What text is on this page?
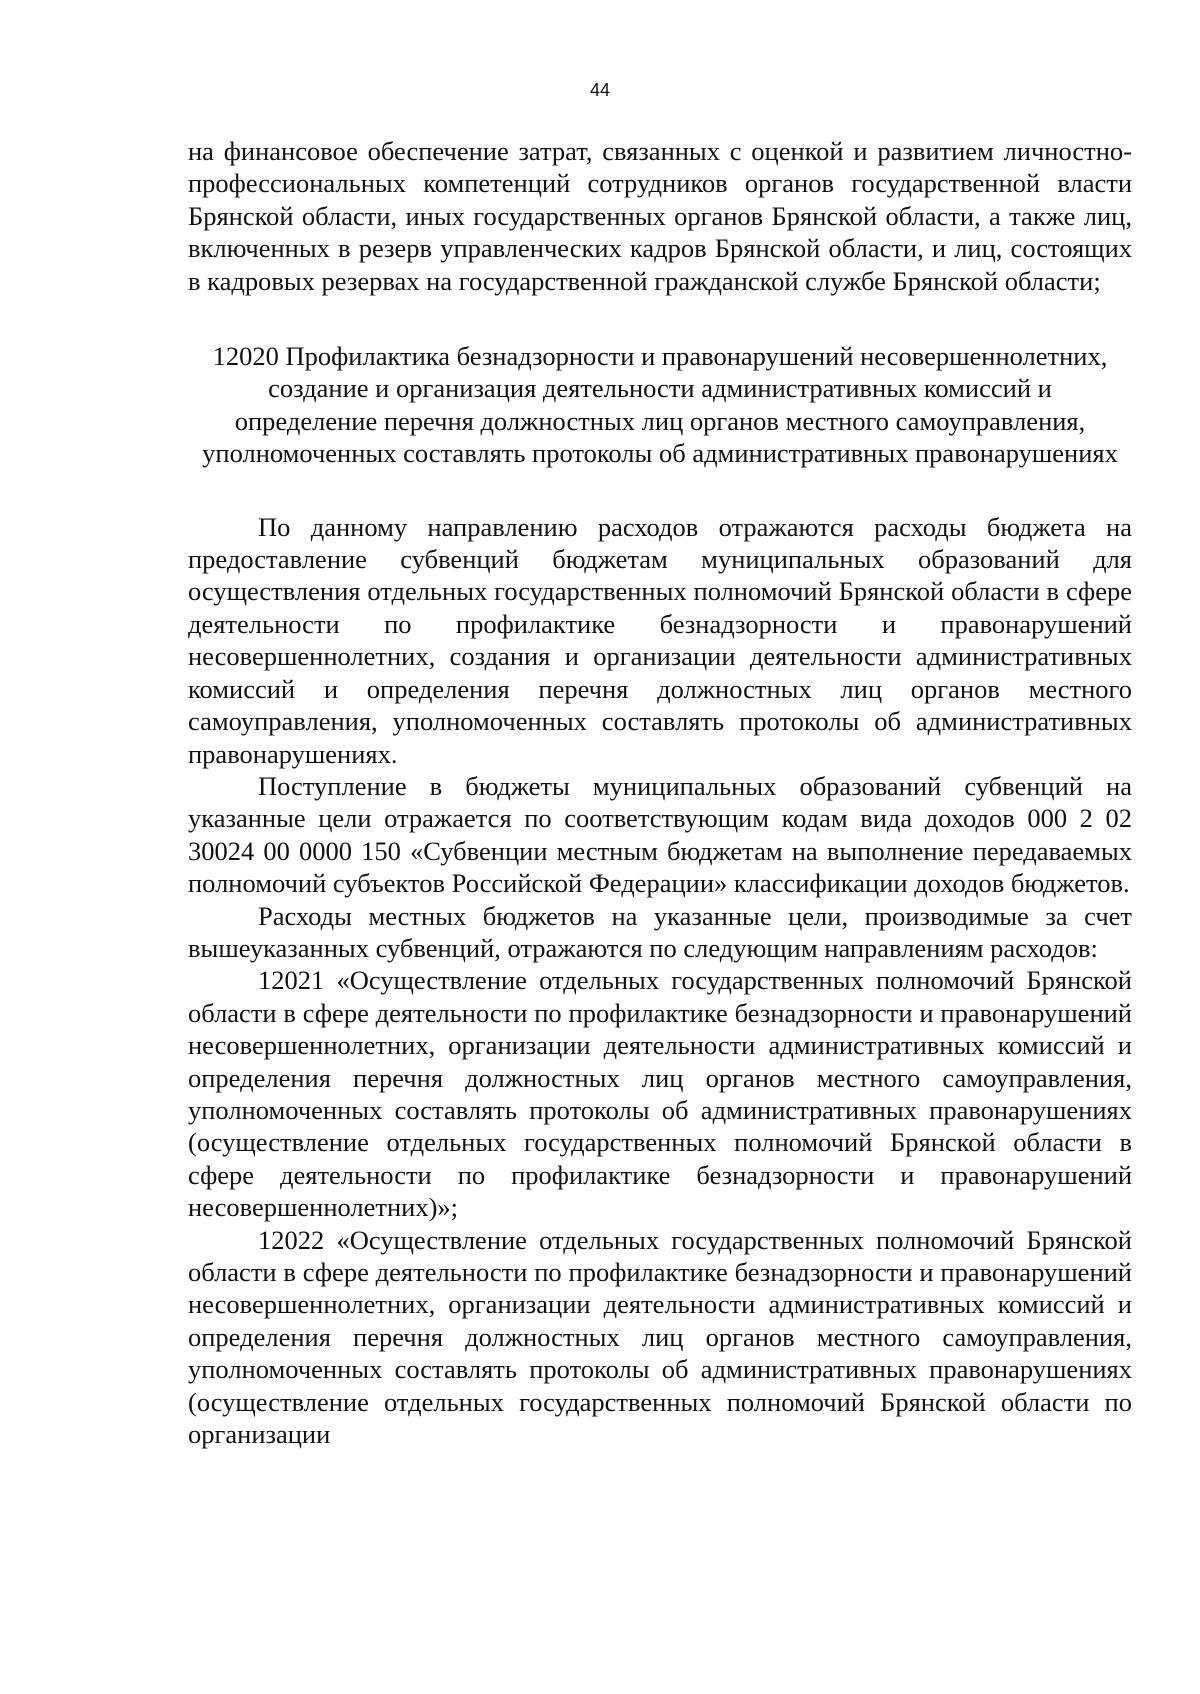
44

на финансовое обеспечение затрат, связанных с оценкой и развитием личностно-профессиональных компетенций сотрудников органов государственной власти Брянской области, иных государственных органов Брянской области, а также лиц, включенных в резерв управленческих кадров Брянской области, и лиц, состоящих в кадровых резервах на государственной гражданской службе Брянской области;

12020 Профилактика безнадзорности и правонарушений несовершеннолетних, создание и организация деятельности административных комиссий и определение перечня должностных лиц органов местного самоуправления, уполномоченных составлять протоколы об административных правонарушениях

По данному направлению расходов отражаются расходы бюджета на предоставление субвенций бюджетам муниципальных образований для осуществления отдельных государственных полномочий Брянской области в сфере деятельности по профилактике безнадзорности и правонарушений несовершеннолетних, создания и организации деятельности административных комиссий и определения перечня должностных лиц органов местного самоуправления, уполномоченных составлять протоколы об административных правонарушениях.

Поступление в бюджеты муниципальных образований субвенций на указанные цели отражается по соответствующим кодам вида доходов 000 2 02 30024 00 0000 150 «Субвенции местным бюджетам на выполнение передаваемых полномочий субъектов Российской Федерации» классификации доходов бюджетов.

Расходы местных бюджетов на указанные цели, производимые за счет вышеуказанных субвенций, отражаются по следующим направлениям расходов:

12021 «Осуществление отдельных государственных полномочий Брянской области в сфере деятельности по профилактике безнадзорности и правонарушений несовершеннолетних, организации деятельности административных комиссий и определения перечня должностных лиц органов местного самоуправления, уполномоченных составлять протоколы об административных правонарушениях (осуществление отдельных государственных полномочий Брянской области в сфере деятельности по профилактике безнадзорности и правонарушений несовершеннолетних)»;

12022 «Осуществление отдельных государственных полномочий Брянской области в сфере деятельности по профилактике безнадзорности и правонарушений несовершеннолетних, организации деятельности административных комиссий и определения перечня должностных лиц органов местного самоуправления, уполномоченных составлять протоколы об административных правонарушениях (осуществление отдельных государственных полномочий Брянской области по организации
